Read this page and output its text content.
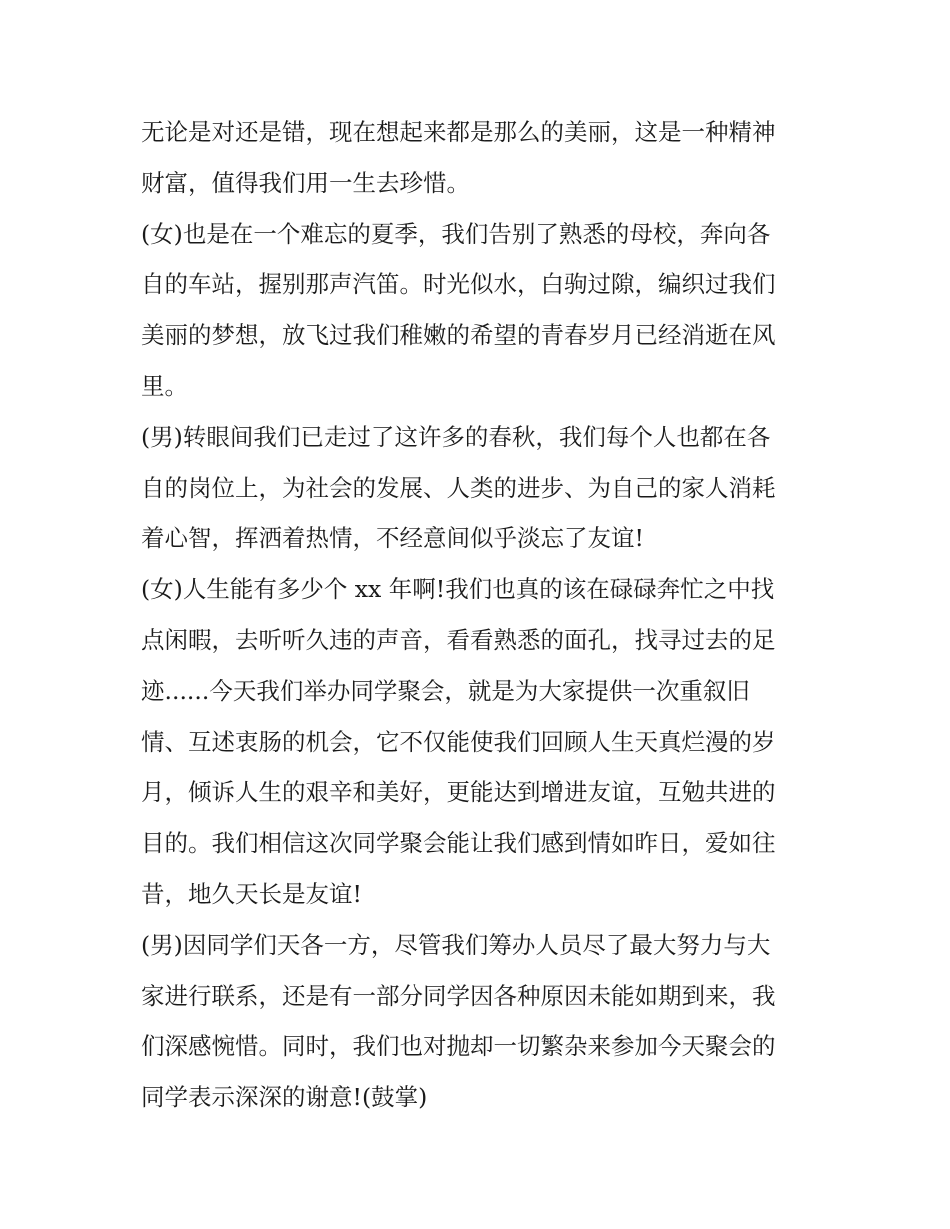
无论是对还是错，现在想起来都是那么的美丽，这是一种精神
财富，值得我们用一生去珍惜。
(女)也是在一个难忘的夏季，我们告别了熟悉的母校，奔向各
自的车站，握别那声汽笛。时光似水，白驹过隙，编织过我们
美丽的梦想，放飞过我们稚嫩的希望的青春岁月已经消逝在风
里。
(男)转眼间我们已走过了这许多的春秋，我们每个人也都在各
自的岗位上，为社会的发展、人类的进步、为自己的家人消耗
着心智，挥洒着热情，不经意间似乎淡忘了友谊!
(女)人生能有多少个 xx 年啊!我们也真的该在碌碌奔忙之中找
点闲暇，去听听久违的声音，看看熟悉的面孔，找寻过去的足
迹......今天我们举办同学聚会，就是为大家提供一次重叙旧
情、互述衷肠的机会，它不仅能使我们回顾人生天真烂漫的岁
月，倾诉人生的艰辛和美好，更能达到增进友谊，互勉共进的
目的。我们相信这次同学聚会能让我们感到情如昨日，爱如往
昔，地久天长是友谊!
(男)因同学们天各一方，尽管我们筹办人员尽了最大努力与大
家进行联系，还是有一部分同学因各种原因未能如期到来，我
们深感惋惜。同时，我们也对抛却一切繁杂来参加今天聚会的
同学表示深深的谢意!(鼓掌)
